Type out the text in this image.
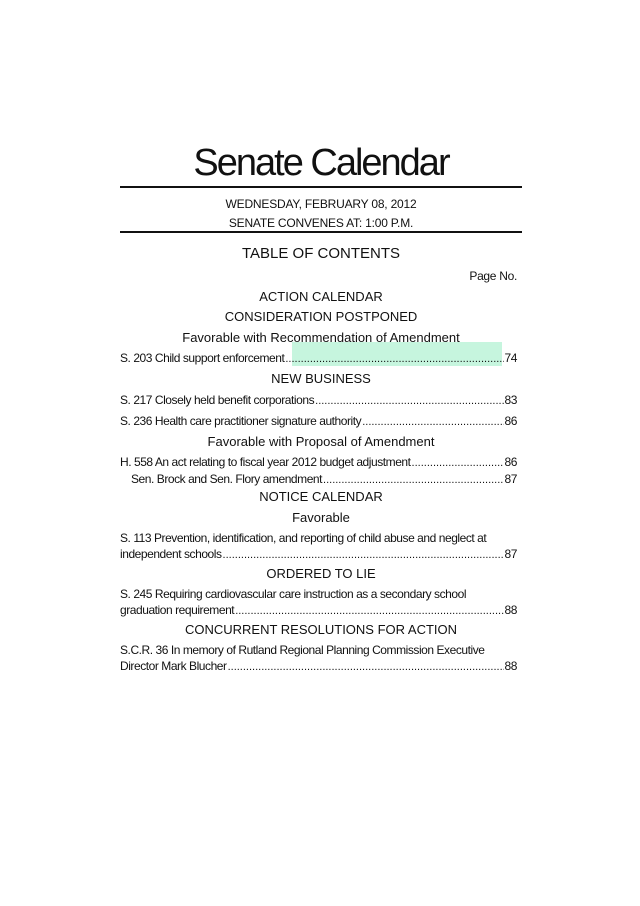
Senate Calendar
WEDNESDAY, FEBRUARY 08, 2012
SENATE CONVENES AT: 1:00 P.M.
TABLE OF CONTENTS
Page No.
ACTION CALENDAR
CONSIDERATION POSTPONED
Favorable with Recommendation of Amendment
S. 203 Child support enforcement .....	74
NEW BUSINESS
S. 217 Closely held benefit corporations .....	83
S. 236 Health care practitioner signature authority .....	86
Favorable with Proposal of Amendment
H. 558 An act relating to fiscal year 2012 budget adjustment .....	86
Sen. Brock and Sen. Flory amendment .....	87
NOTICE CALENDAR
Favorable
S. 113 Prevention, identification, and reporting of child abuse and neglect at
independent schools .....	87
ORDERED TO LIE
S. 245 Requiring cardiovascular care instruction as a secondary school
graduation requirement .....	88
CONCURRENT RESOLUTIONS FOR ACTION
S.C.R. 36 In memory of Rutland Regional Planning Commission Executive
Director Mark Blucher .....	88
